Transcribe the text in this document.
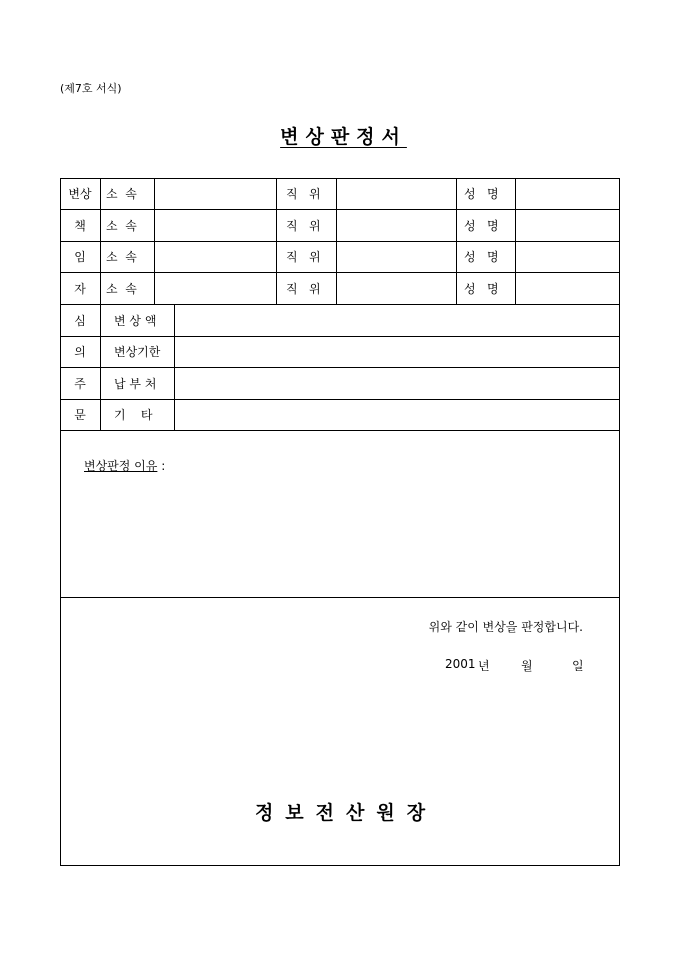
(제7호 서식)
변상판정서
변상	소  속	직   위	성   명
책	소  속	직   위	성   명
임	소  속	직   위	성   명
자	소  속	직   위	성   명
심	변 상 액
의	변상기한
주	납 부 처
문	기    타
변상판정 이유 :
위와 같이 변상을 판정합니다.
2001 년	월	일
정보전산원장
